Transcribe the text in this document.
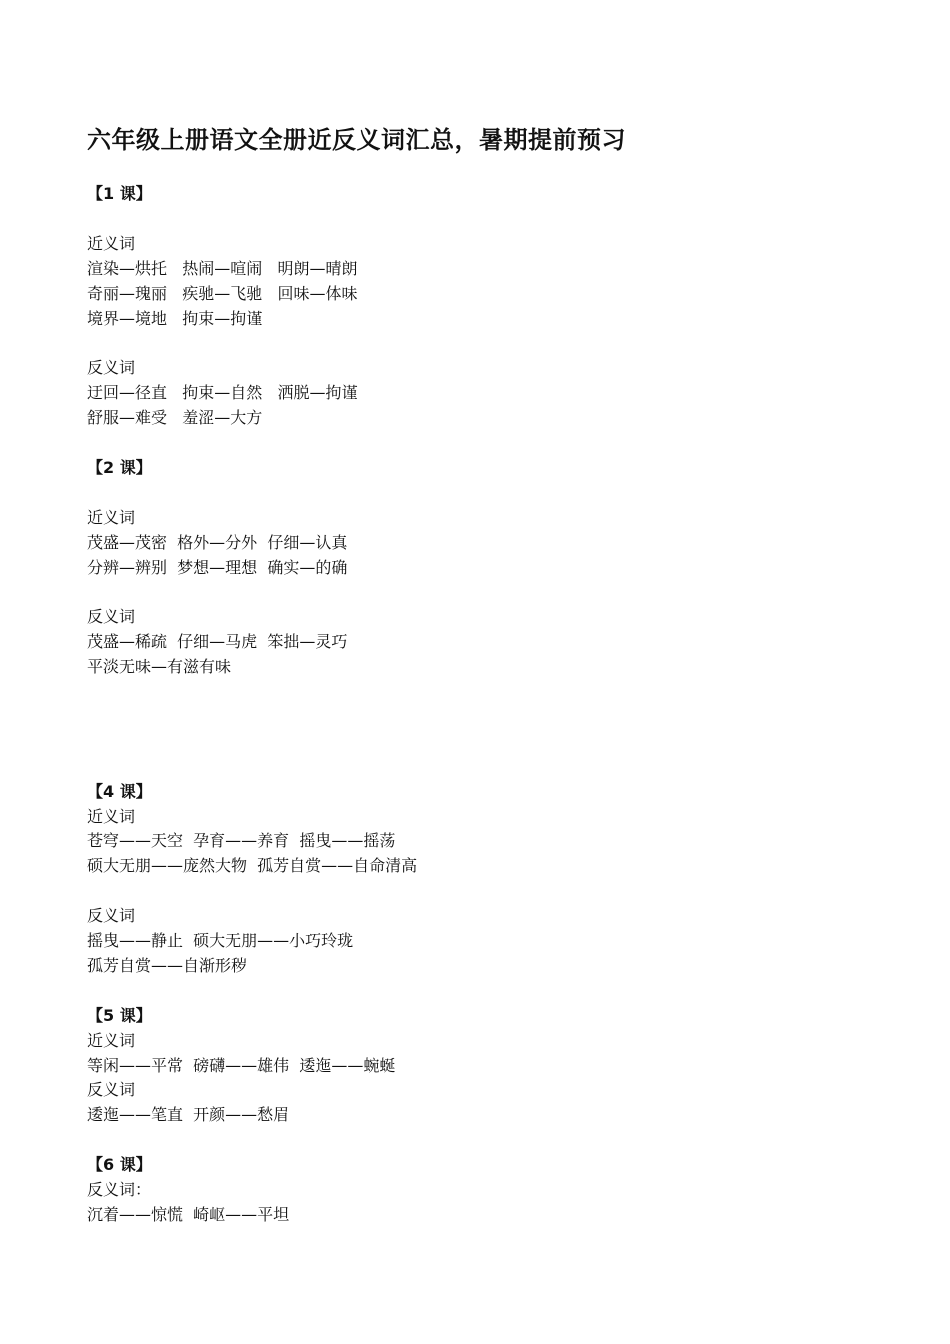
六年级上册语文全册近反义词汇总，暑期提前预习
【1 课】
近义词
渲染—烘托   热闹—喧闹   明朗—晴朗
奇丽—瑰丽   疾驰—飞驰   回味—体味
境界—境地   拘束—拘谨
反义词
迂回—径直   拘束—自然   洒脱—拘谨
舒服—难受   羞涩—大方
【2 课】
近义词
茂盛—茂密  格外—分外  仔细—认真
分辨—辨别  梦想—理想  确实—的确
反义词
茂盛—稀疏  仔细—马虎  笨拙—灵巧
平淡无味—有滋有味
【4 课】
近义词
苍穹——天空  孕育——养育  摇曳——摇荡
硕大无朋——庞然大物  孤芳自赏——自命清高
反义词
摇曳——静止  硕大无朋——小巧玲珑
孤芳自赏——自渐形秽
【5 课】
近义词
等闲——平常  磅礴——雄伟  逶迤——蜿蜒
反义词
逶迤——笔直  开颜——愁眉
【6 课】
反义词：
沉着——惊慌  崎岖——平坦
